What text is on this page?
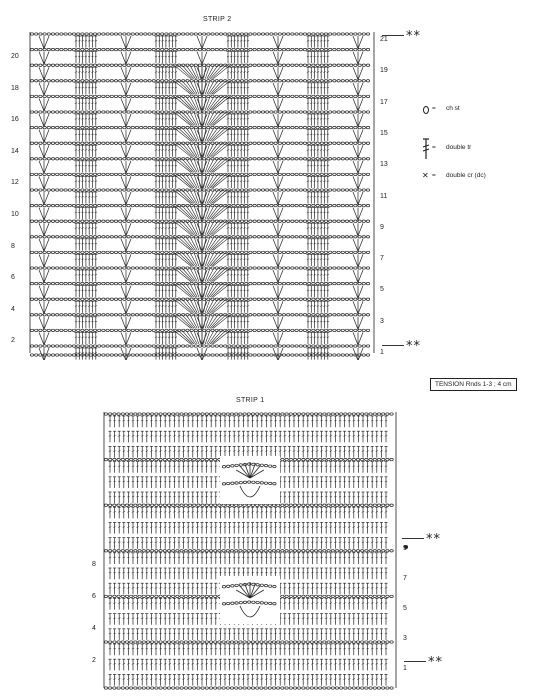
STRIP 2
20
18
16
14
12
10
8
6
4
2
21
19
17
15
13
11
9
7
5
3
1
**
**
= ch st
= double tr
✕ = double cr (dc)
TENSION Rnds 1-3 ; 4 cm
STRIP 1
8
6
4
2
7
5
3
1
**
**
